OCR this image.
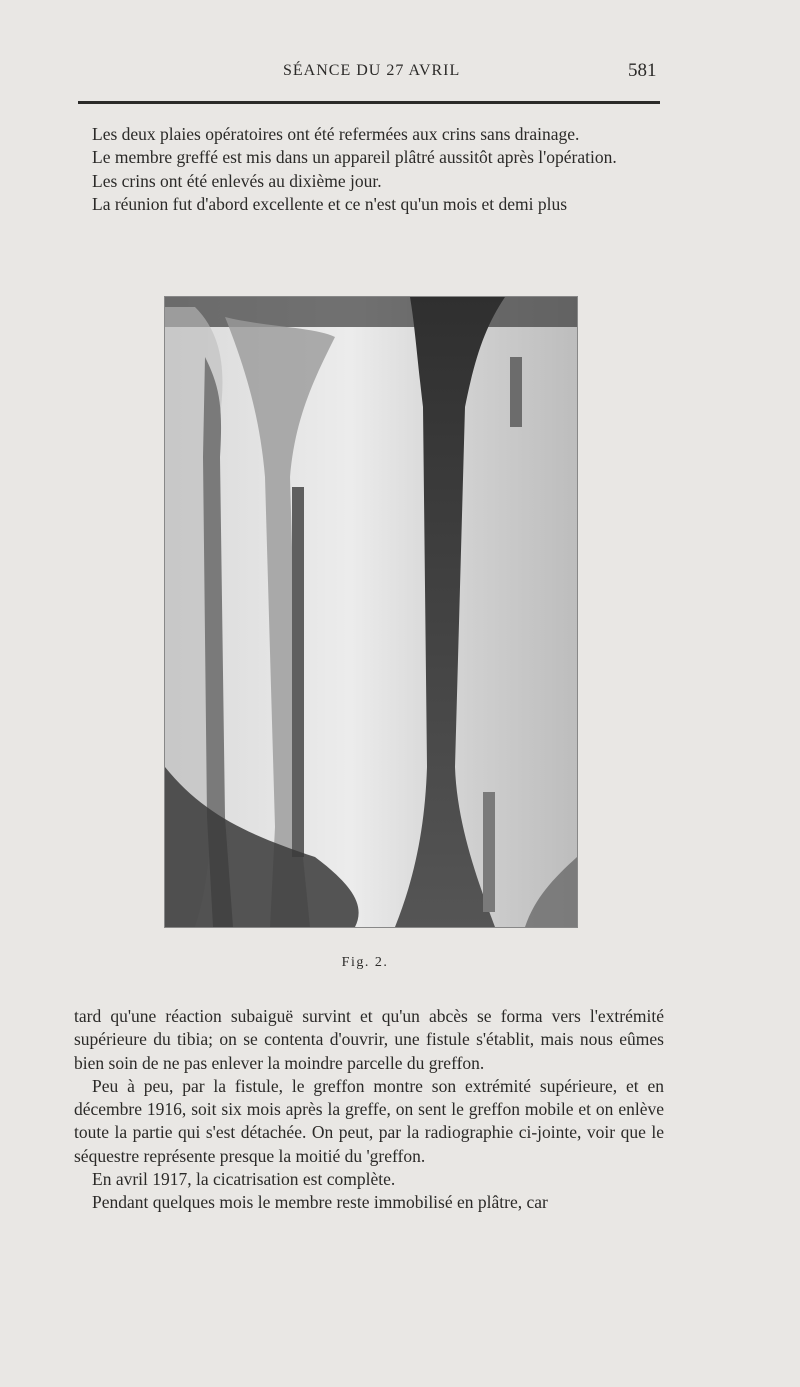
SÉANCE DU 27 AVRIL	581

Les deux plaies opératoires ont été refermées aux crins sans drainage.

Le membre greffé est mis dans un appareil plâtré aussitôt après l'opération.

Les crins ont été enlevés au dixième jour.

La réunion fut d'abord excellente et ce n'est qu'un mois et demi plus

Fig. 2.

tard qu'une réaction subaiguë survint et qu'un abcès se forma vers l'extrémité supérieure du tibia; on se contenta d'ouvrir, une fistule s'établit, mais nous eûmes bien soin de ne pas enlever la moindre parcelle du greffon.

Peu à peu, par la fistule, le greffon montre son extrémité supérieure, et en décembre 1916, soit six mois après la greffe, on sent le greffon mobile et on enlève toute la partie qui s'est détachée. On peut, par la radiographie ci-jointe, voir que le séquestre représente presque la moitié du 'greffon.

En avril 1917, la cicatrisation est complète.

Pendant quelques mois le membre reste immobilisé en plâtre, car
